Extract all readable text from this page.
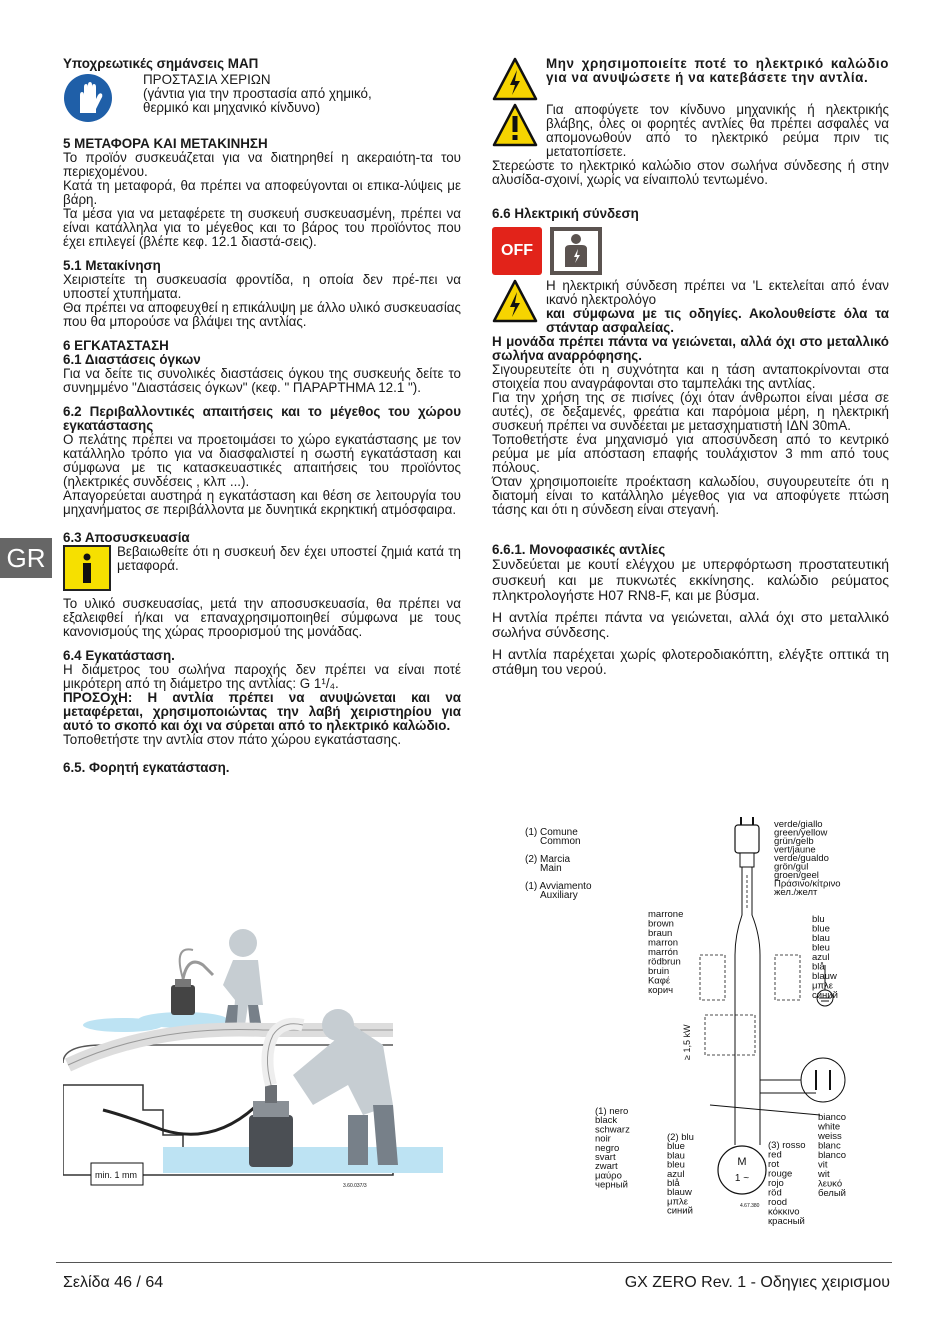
GR
Υποχρεωτικές σημάνσεις ΜΑΠ
ΠΡΟΣΤΑΣΙΑ ΧΕΡΙΩΝ
(γάντια για την προστασία από χημικό,
θερμικό και μηχανικό κίνδυνο)
5 ΜΕΤΑΦΟΡΑ ΚΑΙ ΜΕΤΑΚΙΝΗΣΗ

Το προϊόν συσκευάζεται για να διατηρηθεί η ακεραιότη-τα του περιεχομένου.

Κατά τη μεταφορά, θα πρέπει να αποφεύγονται οι επικα-λύψεις με βάρη.

Τα μέσα για να μεταφέρετε τη συσκευή συσκευασμένη, πρέπει να είναι κατάλληλα για το μέγεθος και το βάρος του προϊόντος που έχει επιλεγεί (βλέπε κεφ. 12.1 διαστά-σεις).

5.1 Μετακίνηση

Χειριστείτε τη συσκευασία φροντίδα, η οποία δεν πρέ-πει να υποστεί χτυπήματα.

Θα πρέπει να αποφευχθεί η επικάλυψη με άλλο υλικό συσκευασίας που θα μπορούσε να βλάψει της αντλίας.

6 ΕΓΚΑΤΑΣΤΑΣΗ
6.1 Διαστάσεις όγκων

Για να δείτε τις συνολικές διαστάσεις όγκου της συσκευής δείτε το συνημμένο "Διαστάσεις όγκων" (κεφ. " ΠΑΡΑΡΤΗΜΑ 12.1 ").

6.2 Περιβαλλοντικές απαιτήσεις και το μέγεθος του χώρου εγκατάστασης

Ο πελάτης πρέπει να προετοιμάσει το χώρο εγκατάστασης με τον κατάλληλο τρόπο για να διασφαλιστεί η σωστή εγκατάσταση και σύμφωνα με τις κατασκευαστικές απαιτήσεις του προϊόντος (ηλεκτρικές συνδέσεις , κλπ ...).

Απαγορεύεται αυστηρά η εγκατάσταση και θέση σε λειτουργία του μηχανήματος σε περιβάλλοντα με δυνητικά εκρηκτική ατμόσφαιρα.

6.3 Αποσυσκευασία

Βεβαιωθείτε ότι η συσκευή δεν έχει υποστεί ζημιά κατά τη μεταφορά.

Το υλικό συσκευασίας, μετά την αποσυσκευασία, θα πρέπει να εξαλειφθεί ή/και να επαναχρησιμοποιηθεί σύμφωνα με τους κανονισμούς της χώρας προορισμού της μονάδας.

6.4 Εγκατάσταση.

Η διάμετρος του σωλήνα παροχής δεν πρέπει να είναι ποτέ μικρότερη από τη διάμετρο της αντλίας: G 1¹/₄.

ΠΡΟΣΟχΗ: Η αντλία πρέπει να ανυψώνεται και να μεταφέρεται, χρησιμοποιώντας την λαβή χειριστηρίου για αυτό το σκοπό και όχι να σύρεται από το ηλεκτρικό καλώδιο.

Τοποθετήστε την αντλία στον πάτο χώρου εγκατάστασης.

6.5. Φορητή εγκατάσταση.
min. 1 mm
3.60.037/3

Μην χρησιμοποιείτε ποτέ το ηλεκτρικό καλώδιο για να ανυψώσετε ή να κατεβάσετε την αντλία.

Για αποφύγετε τον κίνδυνο μηχανικής ή ηλεκτρικής βλάβης, όλες οι φορητές αντλίες θα πρέπει ασφαλές να απομονωθούν από το ηλεκτρικό ρεύμα πριν τις μετατοπίσετε.

Στερεώστε το ηλεκτρικό καλώδιο στον σωλήνα σύνδεσης ή στην αλυσίδα-σχοινί, χωρίς να είναιπολύ τεντωμένο.

6.6 Ηλεκτρική σύνδεση
OFF

Η ηλεκτρική σύνδεση πρέπει να 'L εκτελείται από έναν ικανό ηλεκτρολόγο

και σύμφωνα με τις οδηγίες. Ακολουθείστε όλα τα στάνταρ ασφαλείας.

Η μονάδα πρέπει πάντα να γειώνεται, αλλά όχι στο μεταλλικό σωλήνα αναρρόφησης.

Σιγουρευτείτε ότι η συχνότητα και η τάση ανταποκρίνονται στα στοιχεία που αναγράφονται στο ταμπελάκι της αντλίας.

Για την χρήση της σε πισίνες (όχι όταν άνθρωποι είναι μέσα σε αυτές), σε δεξαμενές, φρεάτια και παρόμοια μέρη, η ηλεκτρική συσκευή πρέπει να συνδέεται με μετασχηματιστή IΔN 30mA.

Τοποθετήστε ένα μηχανισμό για αποσύνδεση από το κεντρικό ρεύμα με μία απόσταση επαφής τουλάχιστον 3 mm από τους πόλους.

Όταν χρησιμοποιείτε προέκταση καλωδίου, συγουρευτείτε ότι η διατομή είναι το κατάλληλο μέγεθος για να αποφύγετε πτώση τάσης και ότι η σύνδεση είναι στεγανή.

6.6.1. Μονοφασικές αντλίες

Συνδεύεται με κουτί ελέγχου με υπερφόρτωση προστατευτική συσκευή και με πυκνωτές εκκίνησης. καλώδιο ρεύματος πληκτρολογήστε H07 RN8-F, και με βύσμα.

Η αντλία πρέπει πάντα να γειώνεται, αλλά όχι στο μεταλλικό σωλήνα σύνδεσης.

Η αντλία παρέχεται χωρίς φλοτεροδιακόπτη, ελέγξτε οπτικά τη στάθμη του νερού.

(1) Comune
Common
(2) Marcia
Main
(1) Avviamento
Auxiliary
M
1 ~
4.67.380
≥ 1,5 kW
verde/giallo
green/yellow
grün/gelb
vert/jaune
verde/gualdo
grön/gul
groen/geel
Πράσινο/κίτρινο
жел./желт
marrone
brown
braun
marron
marrón
rödbrun
bruin
Καφέ
корич
blu
blue
blau
bleu
azul
blå
blauw
μπλε
синий
(1) nero
black
schwarz
noir
negro
svart
zwart
μαύρο
черный
(2) blu
blue
blau
bleu
azul
blå
blauw
μπλε
синий
(3) rosso
red
rot
rouge
rojo
röd
rood
κόκκινο
красный
bianco
white
weiss
blanc
blanco
vit
wit
λευκό
белый
Σελίδα 46 / 64	GX ZERO Rev. 1 - Οδηγιες χειρισμου
